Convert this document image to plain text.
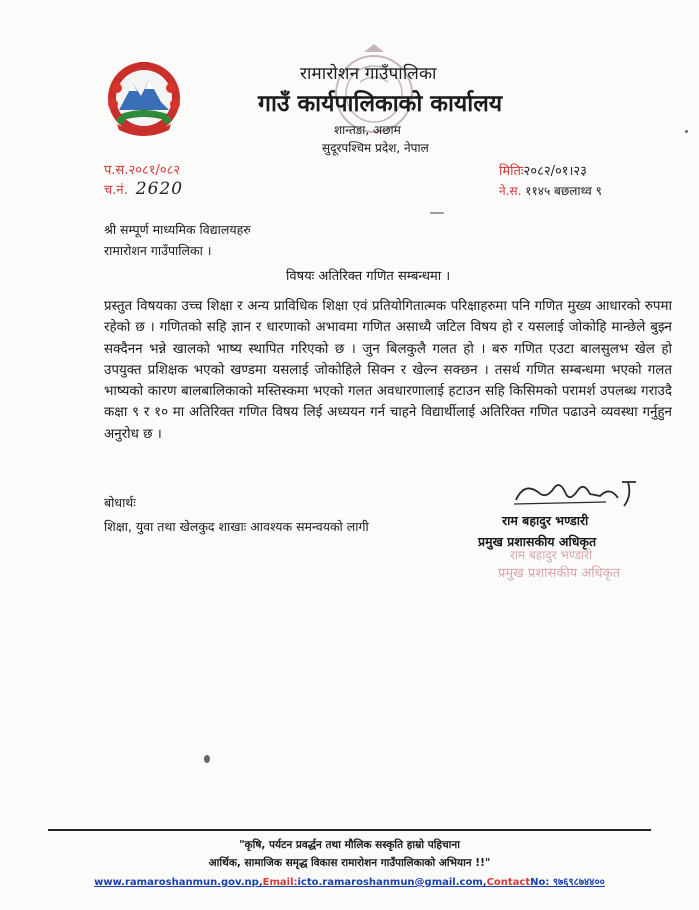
रामारोशन गाउँपालिका
गाउँ कार्यपालिकाको कार्यालय
शान्तडा, अछाम
सुदूरपश्चिम प्रदेश, नेपाल
प.स.२०८१/०८२
च.नं. 2620
मितिः२०८२/०१।२३
ने.स. ११४५ बछलाथ्व ९
श्री सम्पूर्ण माध्यमिक विद्यालयहरु
रामारोशन गाउँपालिका ।
विषयः अतिरिक्त गणित सम्बन्धमा ।
प्रस्तुत विषयका उच्च शिक्षा र अन्य प्राविधिक शिक्षा एवं प्रतियोगितात्मक परिक्षाहरुमा पनि गणित मुख्य आधारको रुपमा रहेको छ । गणितको सहि ज्ञान र धारणाको अभावमा गणित असाध्यै जटिल विषय हो र यसलाई जोकोहि मान्छेले बुझ्न सक्दैनन भन्ने खालको भाष्य स्थापित गरिएको छ । जुन बिलकुलै गलत हो । बरु गणित एउटा बालसुलभ खेल हो उपयुक्त प्रशिक्षक भएको खण्डमा यसलाई जोकोहिले सिक्न र खेल्न सक्छन । तसर्थ गणित सम्बन्धमा भएको गलत भाष्यको कारण बालबालिकाको मस्तिस्कमा भएको गलत अवधारणालाई हटाउन सहि किसिमको परामर्श उपलब्ध गराउदै कक्षा ९ र १० मा अतिरिक्त गणित विषय लिई अध्ययन गर्न चाहने विद्यार्थीलाई अतिरिक्त गणित पढाउने व्यवस्था गर्नुहुन अनुरोध छ ।
बोधार्थः
शिक्षा, युवा तथा खेलकुद शाखाः आवश्यक समन्वयको लागी	राम बहादुर भण्डारी
प्रमुख प्रशासकीय अधिकृत
राम बहादुर भण्डारी
प्रमुख प्रशासकीय अधिकृत
"कृषि, पर्यटन प्रवर्द्धन तथा मौलिक सस्कृति हाम्रो पहिचाना
आर्थिक, सामाजिक समृद्ध विकास रामारोशन गाउँपालिकाको अभियान !!"
www.ramaroshanmun.gov.np,Email:icto.ramaroshanmun@gmail.com,ContactNo: ९७६९८७४४००
